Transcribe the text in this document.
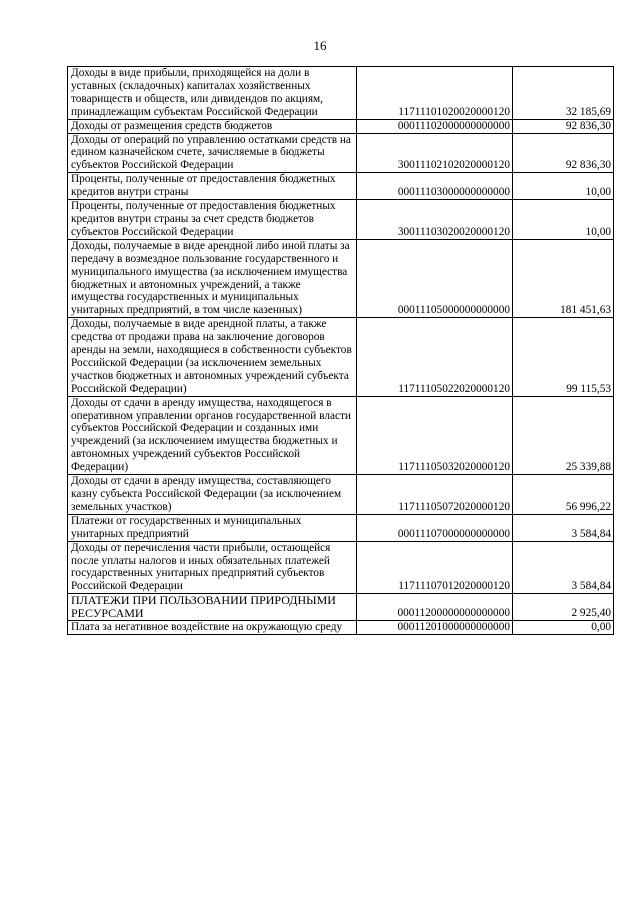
16
Доходы в виде прибыли, приходящейся на доли в уставных (складочных) капиталах хозяйственных товариществ и обществ, или дивидендов по акциям, принадлежащим субъектам Российской Федерации	11711101020020000120	32 185,69
Доходы от размещения средств бюджетов	00011102000000000000	92 836,30
Доходы от операций по управлению остатками средств на едином казначейском счете, зачисляемые в бюджеты субъектов Российской Федерации	30011102102020000120	92 836,30
Проценты, полученные от предоставления бюджетных кредитов внутри страны	00011103000000000000	10,00
Проценты, полученные от предоставления бюджетных кредитов внутри страны за счет средств бюджетов субъектов Российской Федерации	30011103020020000120	10,00
Доходы, получаемые в виде арендной либо иной платы за передачу в возмездное пользование государственного и муниципального имущества (за исключением имущества бюджетных и автономных учреждений, а также имущества государственных и муниципальных унитарных предприятий, в том числе казенных)	00011105000000000000	181 451,63
Доходы, получаемые в виде арендной платы, а также средства от продажи права на заключение договоров аренды на земли, находящиеся в собственности субъектов Российской Федерации (за исключением земельных участков бюджетных и автономных учреждений субъекта Российской Федерации)	11711105022020000120	99 115,53
Доходы от сдачи в аренду имущества, находящегося в оперативном управлении органов государственной власти субъектов Российской Федерации и созданных ими учреждений (за исключением имущества бюджетных и автономных учреждений субъектов Российской Федерации)	11711105032020000120	25 339,88
Доходы от сдачи в аренду имущества, составляющего казну субъекта Российской Федерации (за исключением земельных участков)	11711105072020000120	56 996,22
Платежи от государственных и муниципальных унитарных предприятий	00011107000000000000	3 584,84
Доходы от перечисления части прибыли, остающейся после уплаты налогов и иных обязательных платежей государственных унитарных предприятий субъектов Российской Федерации	11711107012020000120	3 584,84
ПЛАТЕЖИ ПРИ ПОЛЬЗОВАНИИ ПРИРОДНЫМИ РЕСУРСАМИ	00011200000000000000	2 925,40
Плата за негативное воздействие на окружающую среду	00011201000000000000	0,00
